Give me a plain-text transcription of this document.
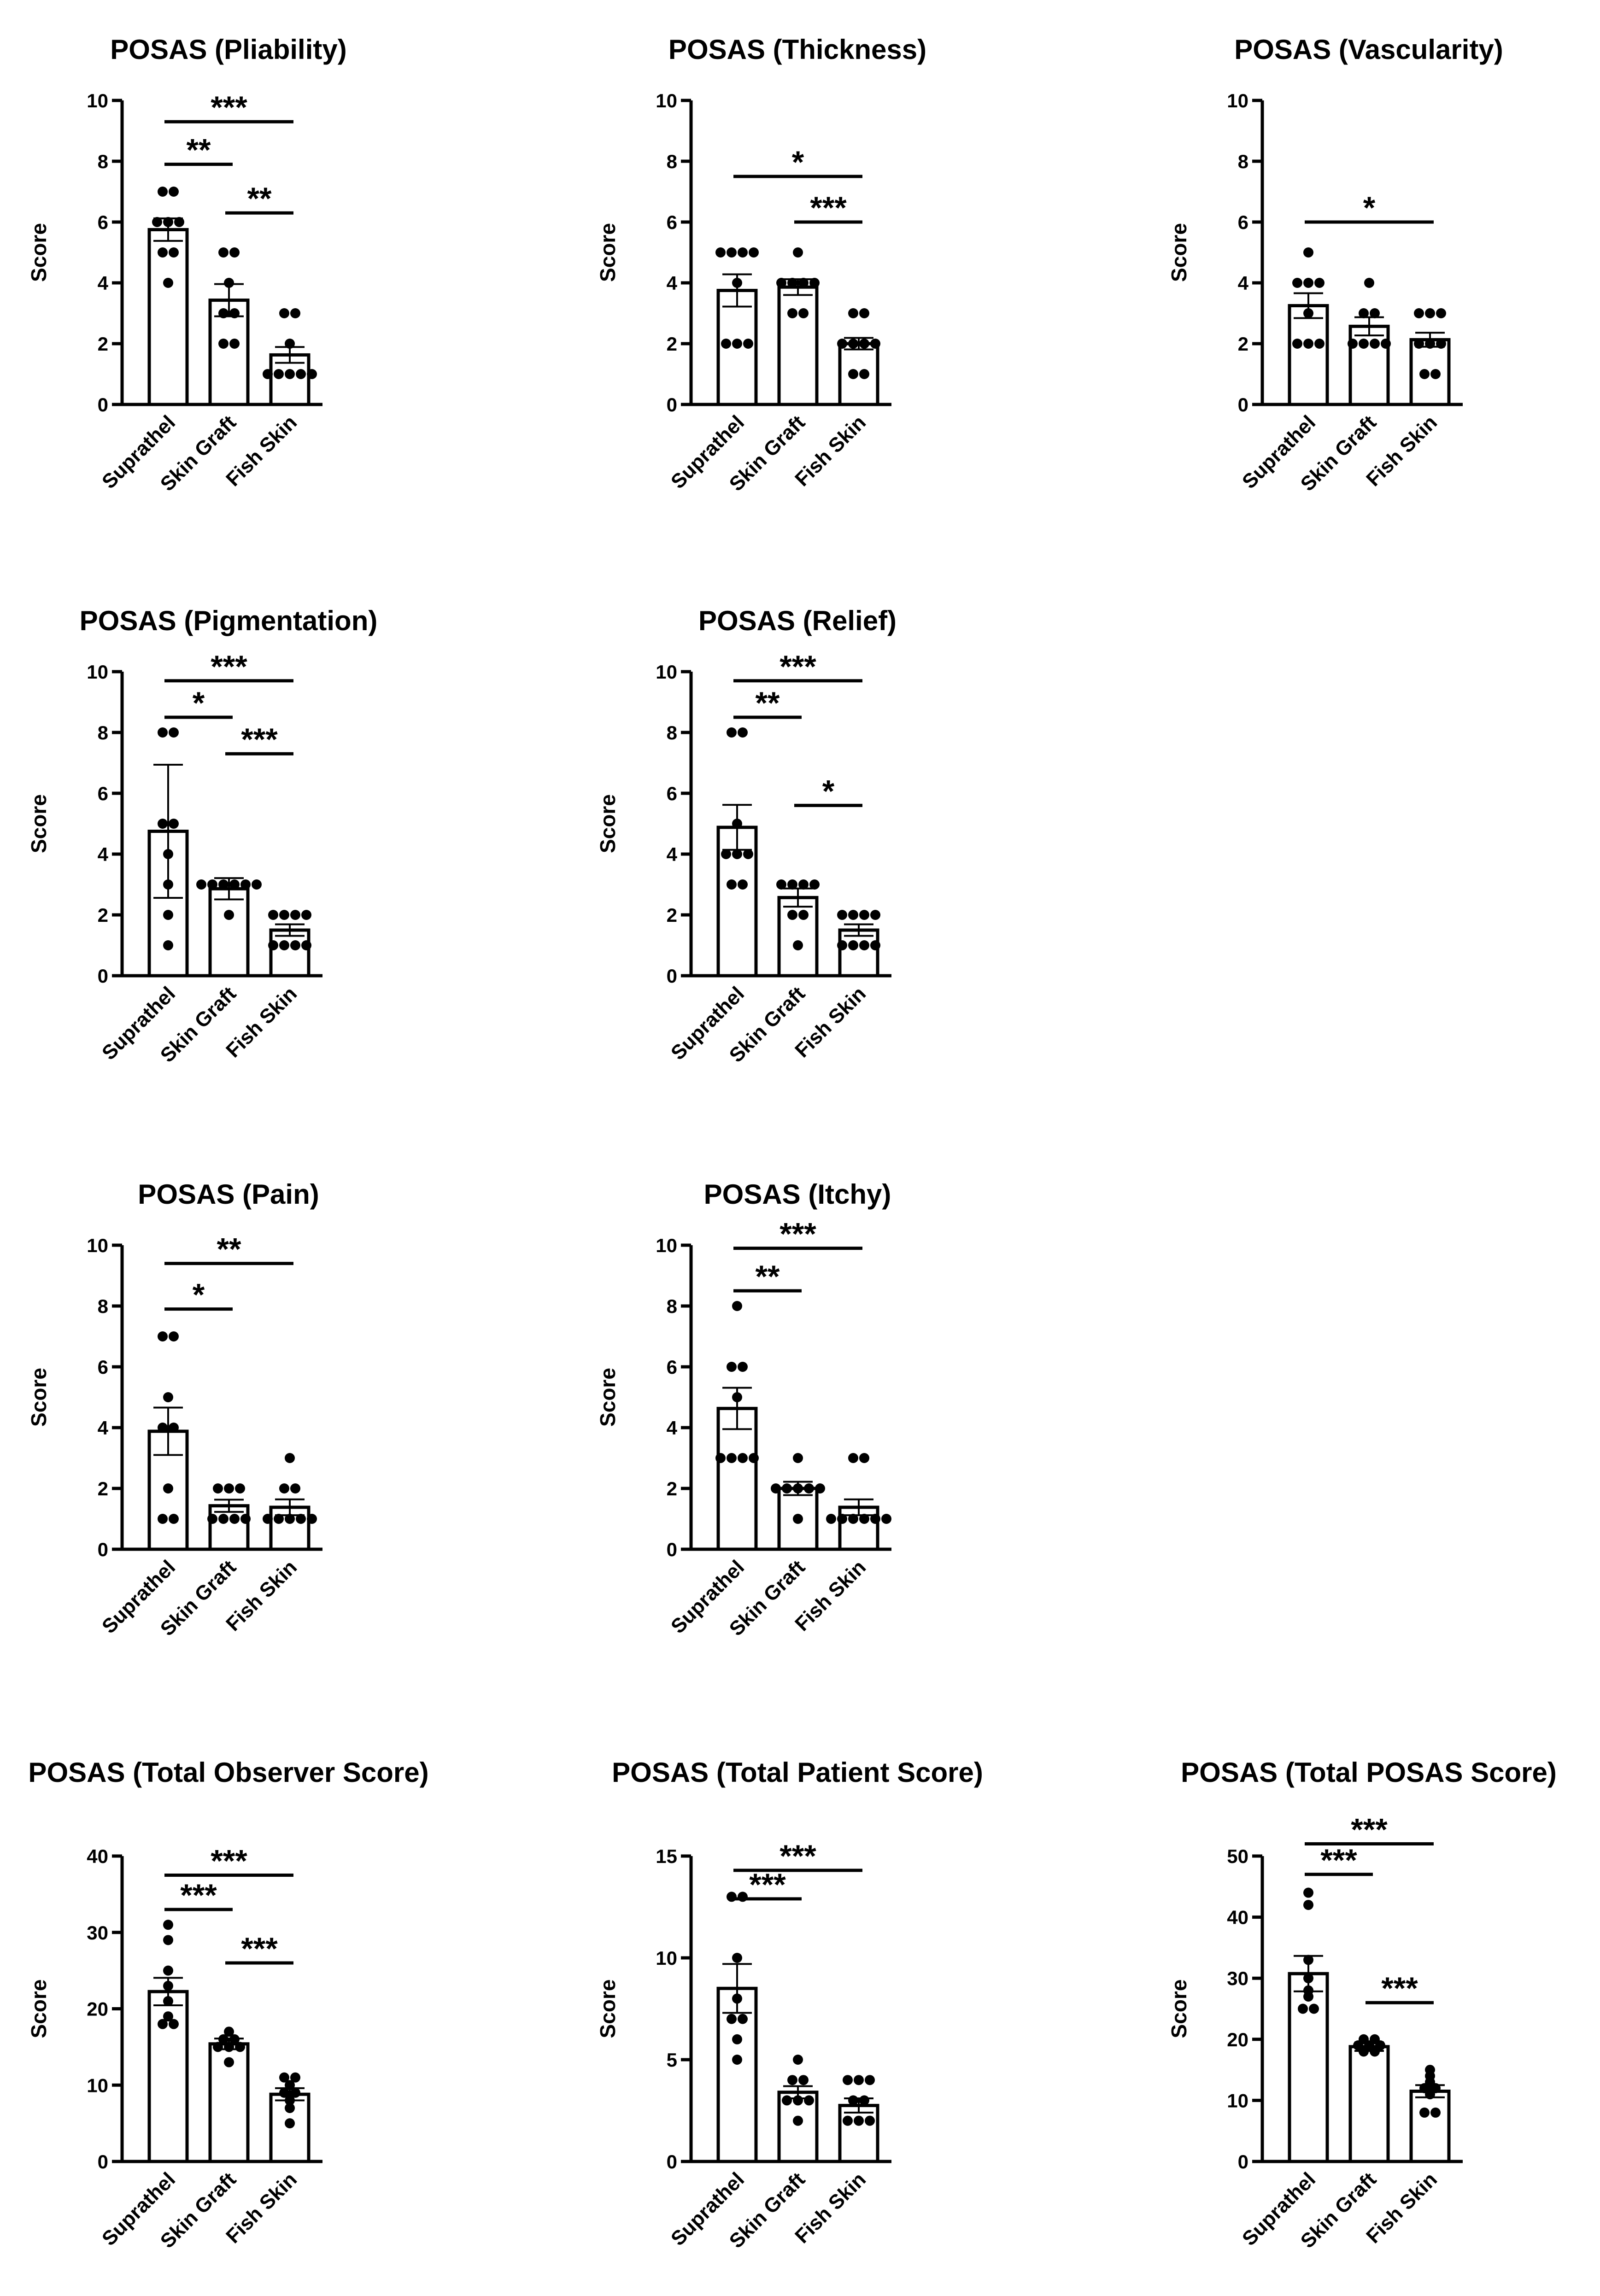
POSAS (Pliability)
0
2
4
6
8
10
Score
Suprathel
Skin Graft
Fish Skin
***
**
**
POSAS (Thickness)
0
2
4
6
8
10
Score
Suprathel
Skin Graft
Fish Skin
*
***
POSAS (Vascularity)
0
2
4
6
8
10
Score
Suprathel
Skin Graft
Fish Skin
*
POSAS (Pigmentation)
0
2
4
6
8
10
Score
Suprathel
Skin Graft
Fish Skin
***
*
***
POSAS (Relief)
0
2
4
6
8
10
Score
Suprathel
Skin Graft
Fish Skin
***
**
*
POSAS (Pain)
0
2
4
6
8
10
Score
Suprathel
Skin Graft
Fish Skin
**
*
POSAS (Itchy)
0
2
4
6
8
10
Score
Suprathel
Skin Graft
Fish Skin
***
**
POSAS (Total Observer Score)
0
10
20
30
40
Score
Suprathel
Skin Graft
Fish Skin
***
***
***
POSAS (Total Patient Score)
0
5
10
15
Score
Suprathel
Skin Graft
Fish Skin
***
***
POSAS (Total POSAS Score)
0
10
20
30
40
50
Score
Suprathel
Skin Graft
Fish Skin
***
***
***
